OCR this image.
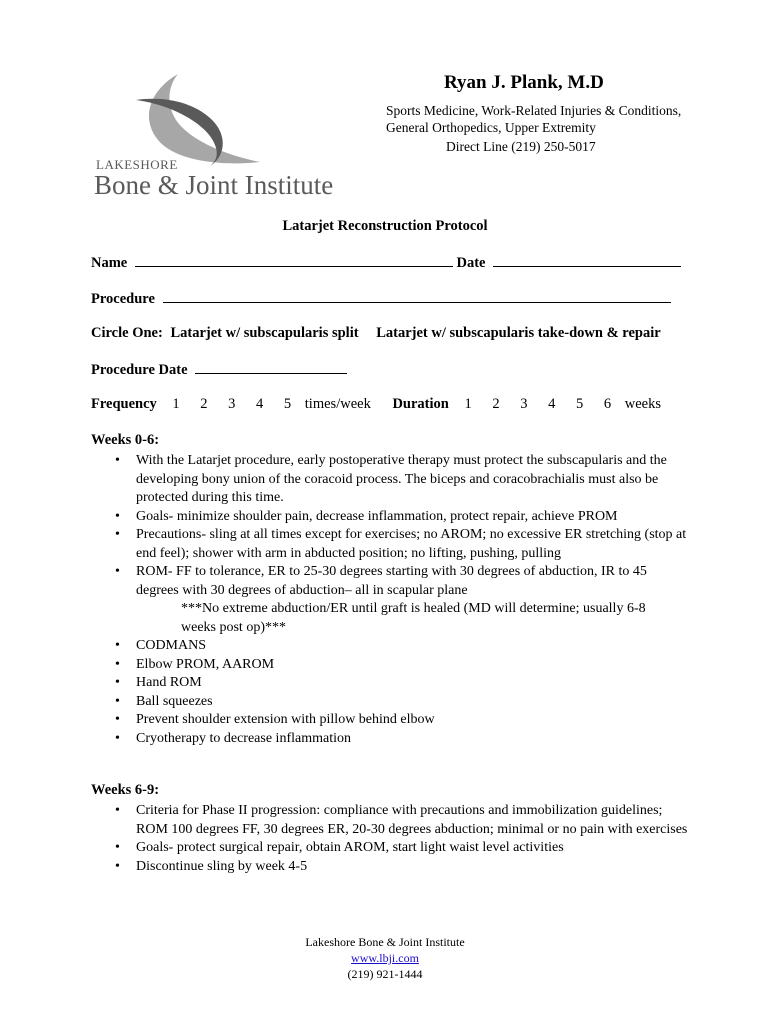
LAKESHORE
Bone & Joint Institute
Ryan J. Plank, M.D
Sports Medicine, Work-Related Injuries & Conditions,
General Orthopedics, Upper Extremity
Direct Line (219) 250-5017
Latarjet Reconstruction Protocol
Name	Date
Procedure
Circle One: Latarjet w/ subscapularis split Latarjet w/ subscapularis take-down & repair
Procedure Date
Frequency 1 2 3 4 5 times/week Duration 1 2 3 4 5 6 weeks
Weeks 0-6:
• With the Latarjet procedure, early postoperative therapy must protect the subscapularis and the developing bony union of the coracoid process. The biceps and coracobrachialis must also be protected during this time.
• Goals- minimize shoulder pain, decrease inflammation, protect repair, achieve PROM
• Precautions- sling at all times except for exercises; no AROM; no excessive ER stretching (stop at end feel); shower with arm in abducted position; no lifting, pushing, pulling
• ROM- FF to tolerance, ER to 25-30 degrees starting with 30 degrees of abduction, IR to 45 degrees with 30 degrees of abduction– all in scapular plane
***No extreme abduction/ER until graft is healed (MD will determine; usually 6-8 weeks post op)***
• CODMANS
• Elbow PROM, AAROM
• Hand ROM
• Ball squeezes
• Prevent shoulder extension with pillow behind elbow
• Cryotherapy to decrease inflammation
Weeks 6-9:
• Criteria for Phase II progression: compliance with precautions and immobilization guidelines; ROM 100 degrees FF, 30 degrees ER, 20-30 degrees abduction; minimal or no pain with exercises
• Goals- protect surgical repair, obtain AROM, start light waist level activities
• Discontinue sling by week 4-5
Lakeshore Bone & Joint Institute
www.lbji.com
(219) 921-1444
